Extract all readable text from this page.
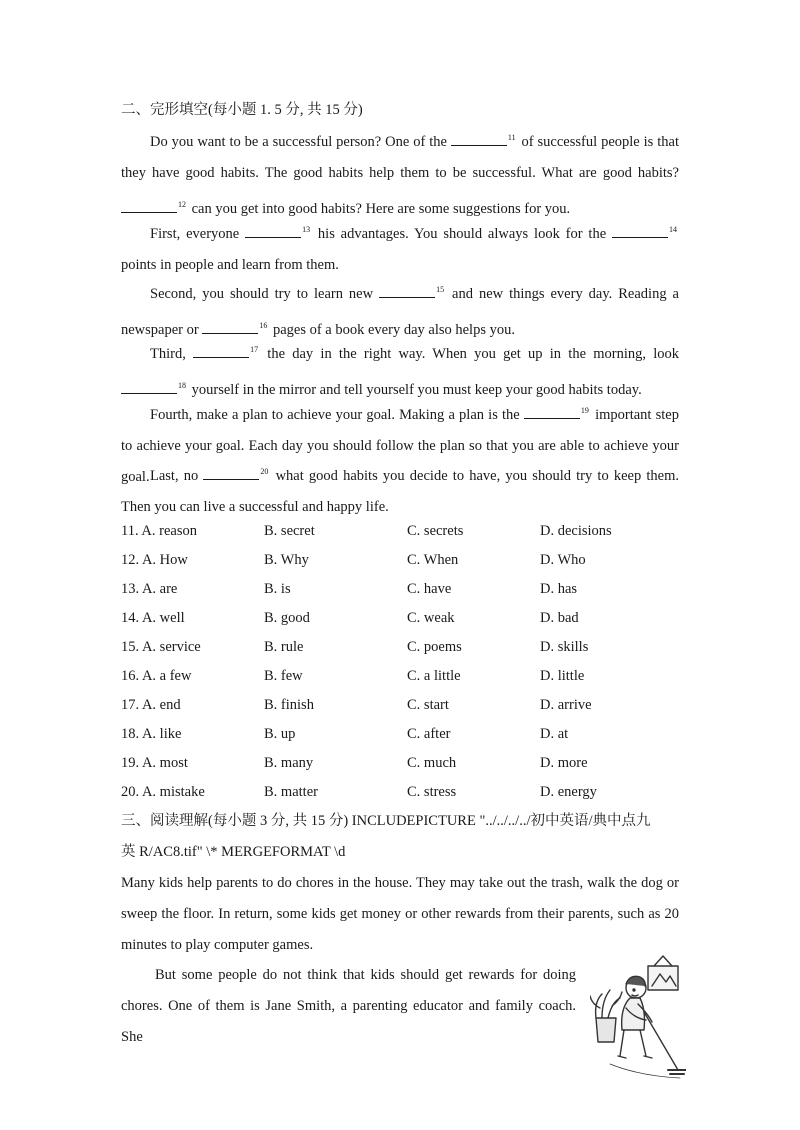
二、完形填空(每小题 1. 5 分, 共 15 分)
Do you want to be a successful person? One of the	$^{11}$ of successful people is that they have good habits. The good habits help them to be successful. What are good habits? $^{12}$ can you get into good habits? Here are some suggestions for you.
First, everyone	$^{13}$ his advantages. You should always look for the	$^{14}$ points in people and learn from them.
Second, you should try to learn new	$^{15}$ and new things every day. Reading a newspaper or	$^{16}$ pages of a book every day also helps you.
Third,	$^{17}$ the day in the right way. When you get up in the morning, look $^{18}$ yourself in the mirror and tell yourself you must keep your good habits today.
Fourth, make a plan to achieve your goal. Making a plan is the	$^{19}$ important step to achieve your goal. Each day you should follow the plan so that you are able to achieve your goal. Last, no	$^{20}$ what good habits you decide to have, you should try to keep them. Then you can live a successful and happy life.
11. A. reason	B. secret	C. secrets	D. decisions
12. A. How	B. Why	C. When	D. Who
13. A. are	B. is	C. have	D. has
14. A. well	B. good	C. weak	D. bad
15. A. service	B. rule	C. poems	D. skills
16. A. a few	B. few	C. a little	D. little
17. A. end	B. finish	C. start	D. arrive
18. A. like	B. up	C. after	D. at
19. A. most	B. many	C. much	D. more
20. A. mistake	B. matter	C. stress	D. energy
三、阅读理解(每小题 3 分, 共 15 分) INCLUDEPICTURE "../../../../初中英语/典中点九
英 R/AC8.tif" \* MERGEFORMAT \d
Many kids help parents to do chores in the house. They may take out the trash, walk the dog or sweep the floor. In return, some kids get money or other rewards from their parents, such as 20 minutes to play computer games.
But some people do not think that kids should get rewards for doing chores. One of them is Jane Smith, a parenting educator and family coach. She
